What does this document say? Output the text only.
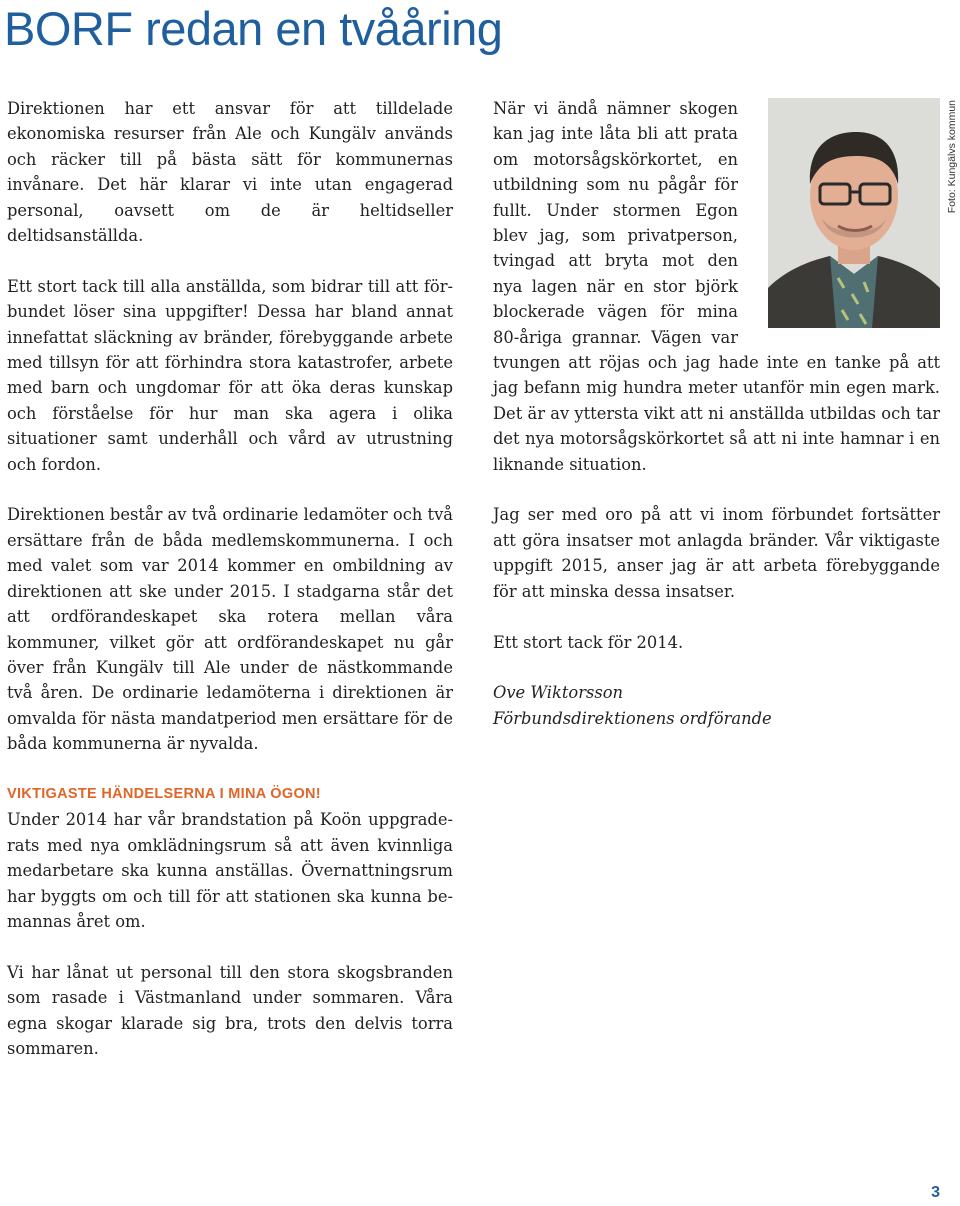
BORF redan en tvååring

Direktionen har ett ansvar för att tilldelade ekonomiska resurser från Ale och Kungälv används och räcker till på bästa sätt för kommunernas invånare. Det här klarar vi inte utan engagerad personal, oavsett om de är heltidseller deltidsanställda.

Ett stort tack till alla anställda, som bidrar till att förbundet löser sina uppgifter! Dessa har bland annat innefattat släckning av bränder, förebyggande arbete med tillsyn för att förhindra stora katastrofer, arbete med barn och ungdomar för att öka deras kunskap och förståelse för hur man ska agera i olika situationer samt underhåll och vård av utrustning och fordon.

Direktionen består av två ordinarie ledamöter och två ersättare från de båda medlemskommunerna. I och med valet som var 2014 kommer en ombildning av direktionen att ske under 2015. I stadgarna står det att ordförandeskapet ska rotera mellan våra kommuner, vilket gör att ordförandeskapet nu går över från Kungälv till Ale under de nästkommande två åren. De ordinarie ledamöterna i direktionen är omvalda för nästa mandatperiod men ersättare för de båda kommunerna är nyvalda.

VIKTIGASTE HÄNDELSERNA I MINA ÖGON!

Under 2014 har vår brandstation på Koön uppgraderats med nya omklädningsrum så att även kvinnliga medarbetare ska kunna anställas. Övernattningsrum har byggts om och till för att stationen ska kunna bemannas året om.

Vi har lånat ut personal till den stora skogsbranden som rasade i Västmanland under sommaren. Våra egna skogar klarade sig bra, trots den delvis torra sommaren.

När vi ändå nämner skogen kan jag inte låta bli att prata om motorsågskörkortet, en utbildning som nu pågår för fullt. Under stormen Egon blev jag, som privatperson, tvingad att bryta mot den nya lagen när en stor björk blockerade vägen för mina 80-åriga grannar. Vägen var tvungen att röjas och jag hade inte en tanke på att jag befann mig hundra meter utanför min egen mark. Det är av yttersta vikt att ni anställda utbildas och tar det nya motorsågskörkortet så att ni inte hamnar i en liknande situation.

Jag ser med oro på att vi inom förbundet fortsätter att göra insatser mot anlagda bränder. Vår viktigaste uppgift 2015, anser jag är att arbeta förebyggande för att minska dessa insatser.

Ett stort tack för 2014.

Ove Wiktorsson

Förbundsdirektionens ordförande

Foto: Kungälvs kommun
3
